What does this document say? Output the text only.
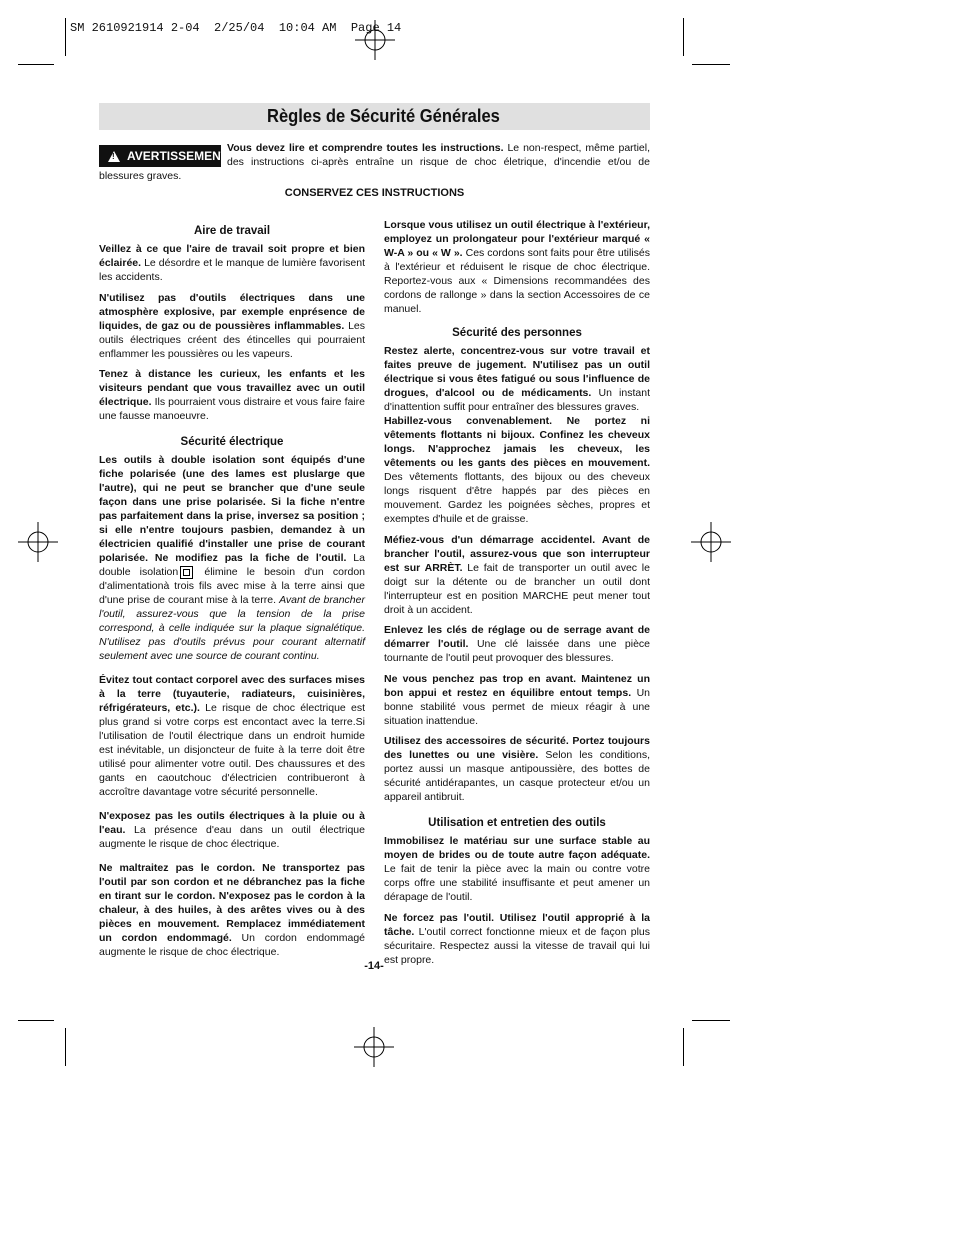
SM 2610921914 2-04  2/25/04  10:04 AM  Page 14
Règles de Sécurité Générales
Vous devez lire et comprendre toutes les instructions. Le non-respect, même partiel, des instructions ci-après entraîne un risque de choc életrique, d'incendie et/ou de blessures graves.
!
AVERTISSEMENT
CONSERVEZ CES INSTRUCTIONS
Aire de travail

Veillez à ce que l'aire de travail soit propre et bien éclairée. Le désordre et le manque de lumière favorisent les accidents.

N'utilisez pas d'outils électriques dans une atmosphère explosive, par exemple enprésence de liquides, de gaz ou de poussières inflammables. Les outils électriques créent des étincelles qui pourraient enflammer les poussières ou les vapeurs.

Tenez à distance les curieux, les enfants et les visiteurs pendant que vous travaillez avec un outil électrique. Ils pourraient vous distraire et vous faire faire une fausse manoeuvre.

Sécurité électrique

Les outils à double isolation sont équipés d'une fiche polarisée (une des lames est pluslarge que l'autre), qui ne peut se brancher que d'une seule façon dans une prise polarisée. Si la fiche n'entre pas parfaitement dans la prise, inversez sa position ; si elle n'entre toujours pasbien, demandez à un électricien qualifié d'installer une prise de courant polarisée. Ne modifiez pas la fiche de l'outil. La double isolation élimine le besoin d'un cordon d'alimentationà trois fils avec mise à la terre ainsi que d'une prise de courant mise à la terre. Avant de brancher l'outil, assurez-vous que la tension de la prise correspond, à celle indiquée sur la plaque signalétique. N'utilisez pas d'outils prévus pour courant alternatif seulement avec une source de courant continu.

Évitez tout contact corporel avec des surfaces mises à la terre (tuyauterie, radiateurs, cuisinières, réfrigérateurs, etc.). Le risque de choc électrique est plus grand si votre corps est encontact avec la terre.Si l'utilisation de l'outil électrique dans un endroit humide est inévitable, un disjoncteur de fuite à la terre doit être utilisé pour alimenter votre outil. Des chaussures et des gants en caoutchouc d'électricien contribueront à accroître davantage votre sécurité personnelle.

N'exposez pas les outils électriques à la pluie ou à l'eau. La présence d'eau dans un outil électrique augmente le risque de choc électrique.

Ne maltraitez pas le cordon. Ne transportez pas l'outil par son cordon et ne débranchez pas la fiche en tirant sur le cordon. N'exposez pas le cordon à la chaleur, à des huiles, à des arêtes vives ou à des pièces en mouvement. Remplacez immédiatement un cordon endommagé. Un cordon endommagé augmente le risque de choc électrique.

Lorsque vous utilisez un outil électrique à l'extérieur, employez un prolongateur pour l'extérieur marqué « W-A » ou « W ». Ces cordons sont faits pour être utilisés à l'extérieur et réduisent le risque de choc électrique. Reportez-vous aux « Dimensions recommandées des cordons de rallonge » dans la section Accessoires de ce manuel.

Sécurité des personnes

Restez alerte, concentrez-vous sur votre travail et faites preuve de jugement. N'utilisez pas un outil électrique si vous êtes fatigué ou sous l'influence de drogues, d'alcool ou de médicaments. Un instant d'inattention suffit pour entraîner des blessures graves.

Habillez-vous convenablement. Ne portez ni vêtements flottants ni bijoux. Confinez les cheveux longs. N'approchez jamais les cheveux, les vêtements ou les gants des pièces en mouvement. Des vêtements flottants, des bijoux ou des cheveux longs risquent d'être happés par des pièces en mouvement. Gardez les poignées sèches, propres et exemptes d'huile et de graisse.

Méfiez-vous d'un démarrage accidentel. Avant de brancher l'outil, assurez-vous que son interrupteur est sur ARRÈT. Le fait de transporter un outil avec le doigt sur la détente ou de brancher un outil dont l'interrupteur est en position MARCHE peut mener tout droit à un accident.

Enlevez les clés de réglage ou de serrage avant de démarrer l'outil. Une clé laissée dans une pièce tournante de l'outil peut provoquer des blessures.

Ne vous penchez pas trop en avant. Maintenez un bon appui et restez en équilibre entout temps. Un bonne stabilité vous permet de mieux réagir à une situation inattendue.

Utilisez des accessoires de sécurité. Portez toujours des lunettes ou une visière. Selon les conditions, portez aussi un masque antipoussière, des bottes de sécurité antidérapantes, un casque protecteur et/ou un appareil antibruit.

Utilisation et entretien des outils

Immobilisez le matériau sur une surface stable au moyen de brides ou de toute autre façon adéquate. Le fait de tenir la pièce avec la main ou contre votre corps offre une stabilité insuffisante et peut amener un dérapage de l'outil.

Ne forcez pas l'outil. Utilisez l'outil approprié à la tâche. L'outil correct fonctionne mieux et de façon plus sécuritaire. Respectez aussi la vitesse de travail qui lui est propre.

-14-
